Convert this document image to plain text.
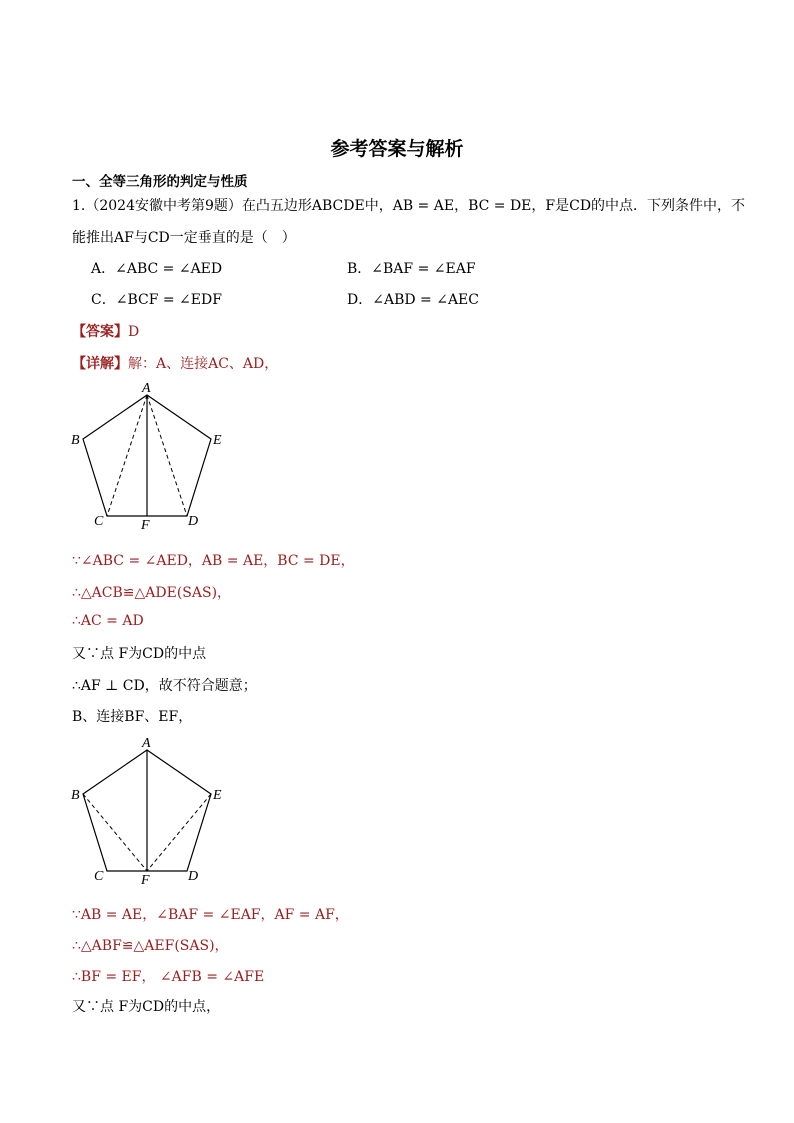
参考答案与解析
一、全等三角形的判定与性质
1.（2024安徽中考第9题）在凸五边形ABCDE中，AB = AE，BC = DE，F是CD的中点．下列条件中，不
能推出AF与CD一定垂直的是（　）
A．∠ABC = ∠AED	B．∠BAF = ∠EAF
C．∠BCF = ∠EDF	D．∠ABD = ∠AEC
【答案】D
【详解】解：A、连接AC、AD，
A
B	E
C	D
F
∵∠ABC = ∠AED，AB = AE，BC = DE，
∴△ACB≌△ADE(SAS)，
∴AC = AD
又∵点 F为CD的中点
∴AF ⊥ CD，故不符合题意；
B、连接BF、EF，
A
B	E
C	D
F
∵AB = AE，∠BAF = ∠EAF，AF = AF，
∴△ABF≌△AEF(SAS)，
∴BF = EF， ∠AFB = ∠AFE
又∵点 F为CD的中点，
